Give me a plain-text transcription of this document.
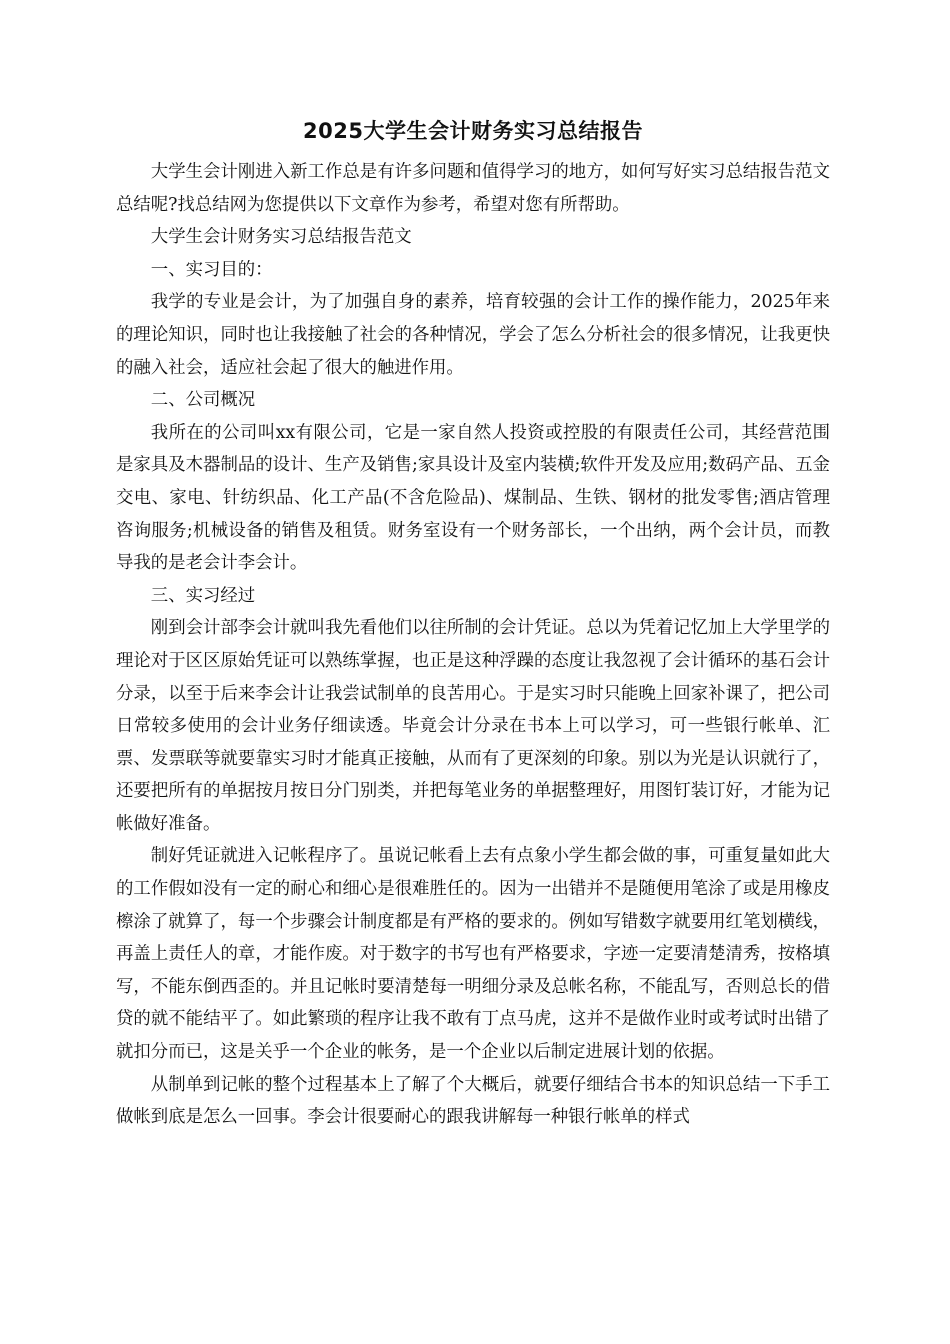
2025大学生会计财务实习总结报告

大学生会计刚进入新工作总是有许多问题和值得学习的地方，如何写好实习总结报告范文总结呢?找总结网为您提供以下文章作为参考，希望对您有所帮助。

大学生会计财务实习总结报告范文

一、实习目的：

我学的专业是会计，为了加强自身的素养，培育较强的会计工作的操作能力，2025年来的理论知识，同时也让我接触了社会的各种情况，学会了怎么分析社会的很多情况，让我更快的融入社会，适应社会起了很大的触进作用。

二、公司概况

我所在的公司叫xx有限公司，它是一家自然人投资或控股的有限责任公司，其经营范围是家具及木器制品的设计、生产及销售;家具设计及室内装横;软件开发及应用;数码产品、五金交电、家电、针纺织品、化工产品(不含危险品)、煤制品、生铁、钢材的批发零售;酒店管理咨询服务;机械设备的销售及租赁。财务室设有一个财务部长，一个出纳，两个会计员，而教导我的是老会计李会计。

三、实习经过

刚到会计部李会计就叫我先看他们以往所制的会计凭证。总以为凭着记忆加上大学里学的理论对于区区原始凭证可以熟练掌握，也正是这种浮躁的态度让我忽视了会计循环的基石会计分录，以至于后来李会计让我尝试制单的良苦用心。于是实习时只能晚上回家补课了，把公司日常较多使用的会计业务仔细读透。毕竟会计分录在书本上可以学习，可一些银行帐单、汇票、发票联等就要靠实习时才能真正接触，从而有了更深刻的印象。别以为光是认识就行了，还要把所有的单据按月按日分门别类，并把每笔业务的单据整理好，用图钉装订好，才能为记帐做好准备。

制好凭证就进入记帐程序了。虽说记帐看上去有点象小学生都会做的事，可重复量如此大的工作假如没有一定的耐心和细心是很难胜任的。因为一出错并不是随便用笔涂了或是用橡皮檫涂了就算了，每一个步骤会计制度都是有严格的要求的。例如写错数字就要用红笔划横线，再盖上责任人的章，才能作废。对于数字的书写也有严格要求，字迹一定要清楚清秀，按格填写，不能东倒西歪的。并且记帐时要清楚每一明细分录及总帐名称，不能乱写，否则总长的借贷的就不能结平了。如此繁琐的程序让我不敢有丁点马虎，这并不是做作业时或考试时出错了就扣分而已，这是关乎一个企业的帐务，是一个企业以后制定进展计划的依据。

从制单到记帐的整个过程基本上了解了个大概后，就要仔细结合书本的知识总结一下手工做帐到底是怎么一回事。李会计很要耐心的跟我讲解每一种银行帐单的样式
